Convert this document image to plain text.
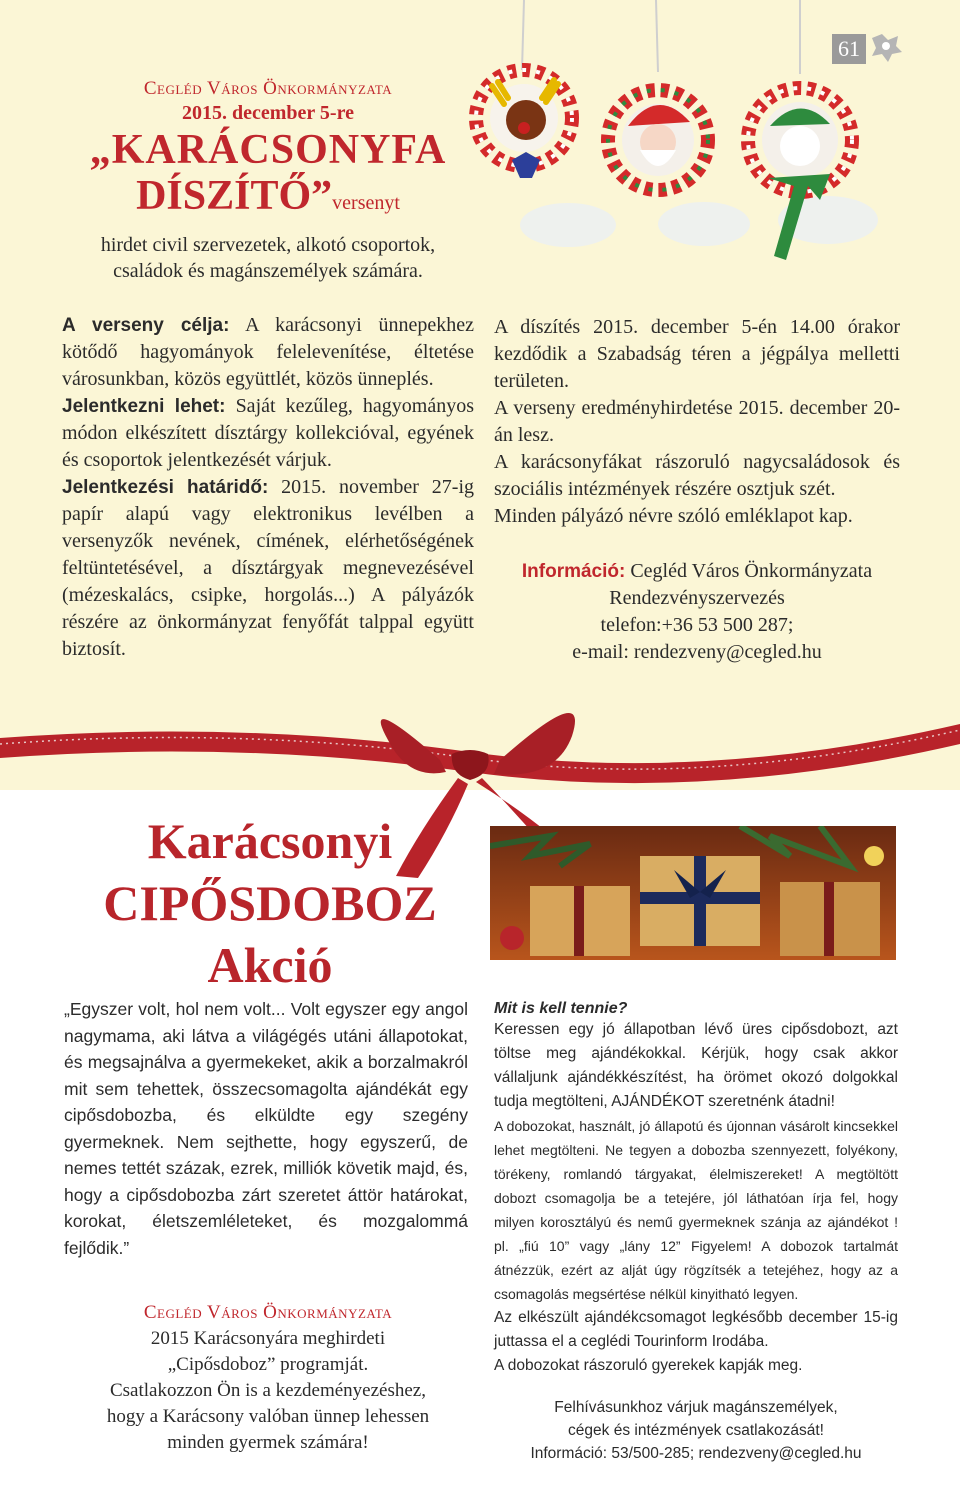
61
Cegléd Város Önkormányzata
2015. december 5-re
„KARÁCSONYFA
DÍSZÍTŐ”versenyt
hirdet civil szervezetek, alkotó csoportok,
családok és magánszemélyek számára.

A verseny célja: A karácsonyi ünnepekhez kötődő hagyományok felelevenítése, éltetése városunkban, közös együttlét, közös ünneplés.

Jelentkezni lehet: Saját kezűleg, hagyományos módon elkészített dísztárgy kollekcióval, egyének és csoportok jelentkezését várjuk.

Jelentkezési határidő: 2015. november 27-ig papír alapú vagy elektronikus levélben a versenyzők nevének, címének, elérhetőségének feltüntetésével, a dísztárgyak megnevezésével (mézeskalács, csipke, horgolás...) A pályázók részére az önkormányzat fenyőfát talppal együtt biztosít.

A díszítés 2015. december 5-én 14.00 órakor kezdődik a Szabadság téren a jégpálya melletti területen.

A verseny eredményhirdetése 2015. december 20-án lesz.

A karácsonyfákat rászoruló nagycsaládosok és szociális intézmények részére osztjuk szét.

Minden pályázó névre szóló emléklapot kap.

Információ: Cegléd Város Önkormányzata
Rendezvényszervezés
telefon:+36 53 500 287;
e-mail: rendezveny@cegled.hu
Karácsonyi
CIPŐSDOBOZ
Akció
„Egyszer volt, hol nem volt... Volt egyszer egy angol nagymama, aki látva a világégés utáni állapotokat, és megsajnálva a gyermekeket, akik a borzalmakról mit sem tehettek, összecsomagolta ajándékát egy cipősdobozba, és elküldte egy szegény gyermeknek. Nem sejthette, hogy egyszerű, de nemes tettét százak, ezrek, milliók követik majd, és, hogy a cipősdobozba zárt szeretet áttör határokat, korokat, életszemléleteket, és mozgalommá fejlődik.”
Cegléd Város Önkormányzata
2015 Karácsonyára meghirdeti
„Cipősdoboz” programját.
Csatlakozzon Ön is a kezdeményezéshez,
hogy a Karácsony valóban ünnep lehessen
minden gyermek számára!
Mit is kell tennie?

Keressen egy jó állapotban lévő üres cipősdobozt, azt töltse meg ajándékokkal. Kérjük, hogy csak akkor vállaljunk ajándékkészítést, ha örömet okozó dolgokkal tudja megtölteni, AJÁNDÉKOT szeretnénk átadni!

A dobozokat, használt, jó állapotú és újonnan vásárolt kincsekkel lehet megtölteni. Ne tegyen a dobozba szennyezett, folyékony, törékeny, romlandó tárgyakat, élelmiszereket! A megtöltött dobozt csomagolja be a tetejére, jól láthatóan írja fel, hogy milyen korosztályú és nemű gyermeknek szánja az ajándékot ! pl. „fiú 10” vagy „lány 12” Figyelem! A dobozok tartalmát átnézzük, ezért az alját úgy rögzítsék a tetejéhez, hogy az a csomagolás megsértése nélkül kinyitható legyen.

Az elkészült ajándékcsomagot legkésőbb december 15-ig juttassa el a ceglédi Tourinform Irodába.

A dobozokat rászoruló gyerekek kapják meg.

Felhívásunkhoz várjuk magánszemélyek,
cégek és intézmények csatlakozását!
Információ: 53/500-285; rendezveny@cegled.hu
